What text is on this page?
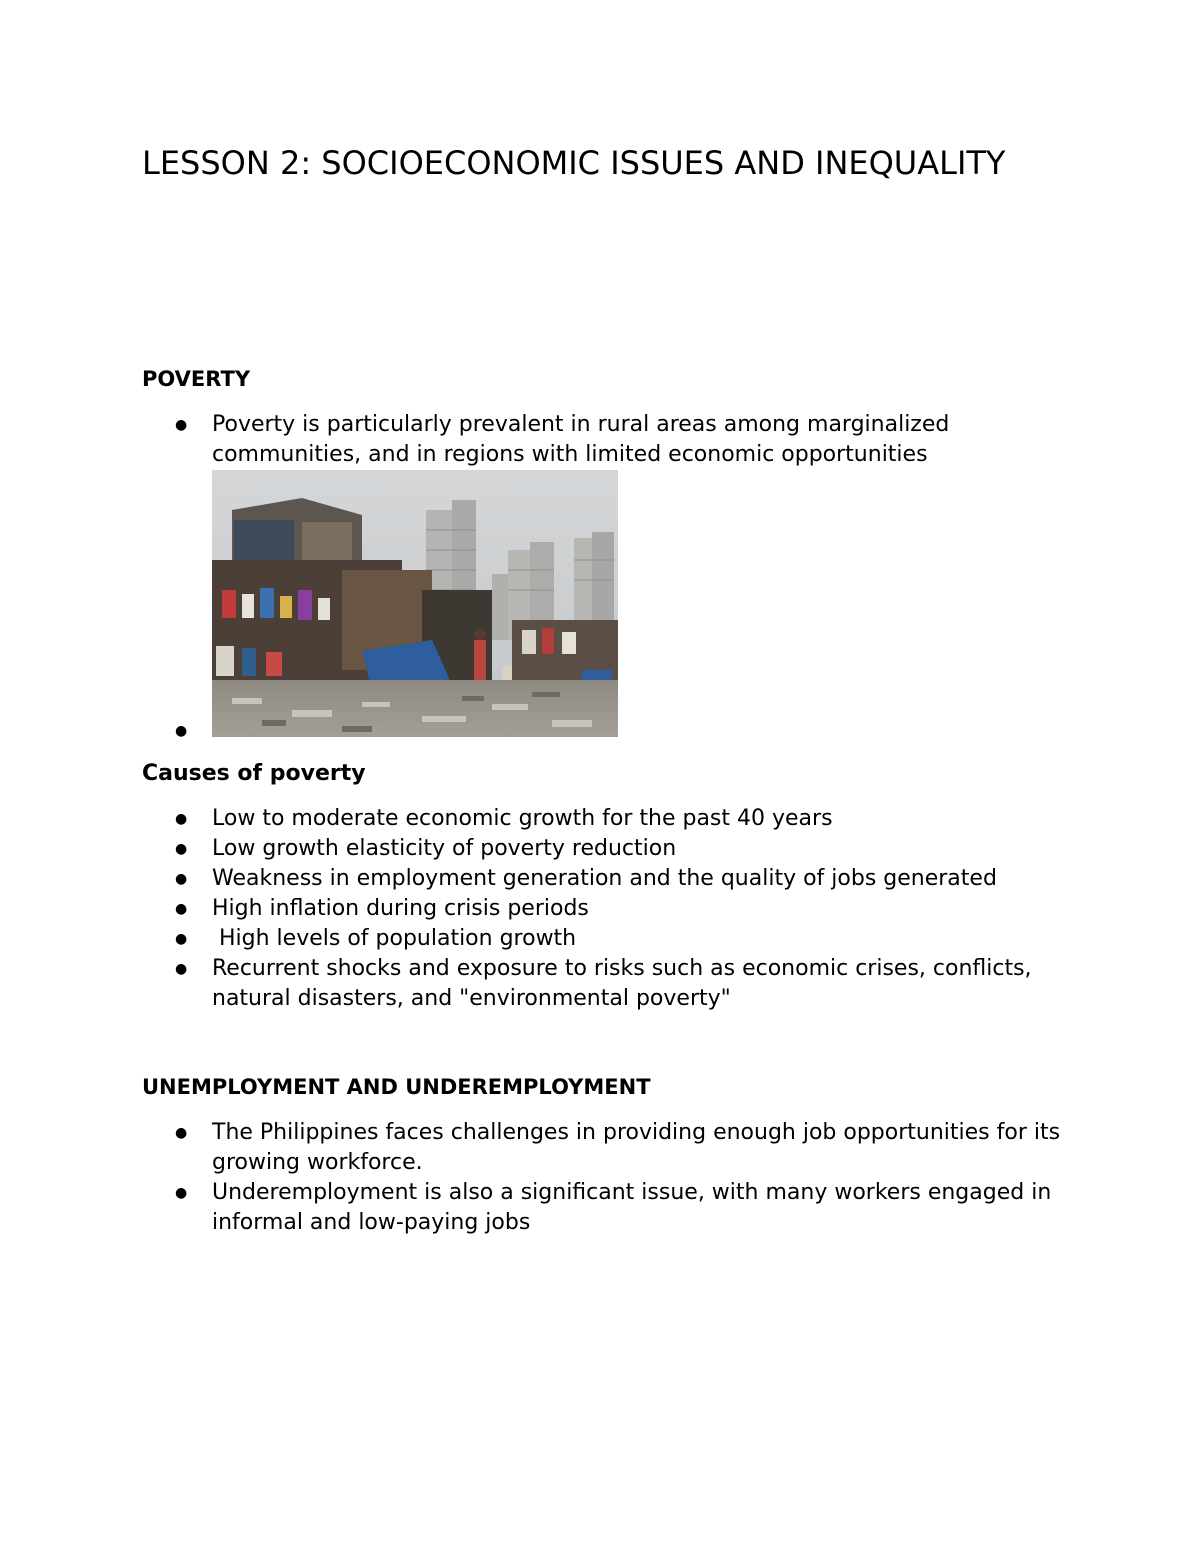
LESSON 2: SOCIOECONOMIC ISSUES AND INEQUALITY
POVERTY
● Poverty is particularly prevalent in rural areas among marginalized communities, and in regions with limited economic opportunities
●
Causes of poverty
● Low to moderate economic growth for the past 40 years
● Low growth elasticity of poverty reduction
● Weakness in employment generation and the quality of jobs generated
● High inflation during crisis periods
●  High levels of population growth
● Recurrent shocks and exposure to risks such as economic crises, conflicts, natural disasters, and "environmental poverty"
UNEMPLOYMENT AND UNDEREMPLOYMENT
● The Philippines faces challenges in providing enough job opportunities for its growing workforce.
● Underemployment is also a significant issue, with many workers engaged in informal and low-paying jobs
